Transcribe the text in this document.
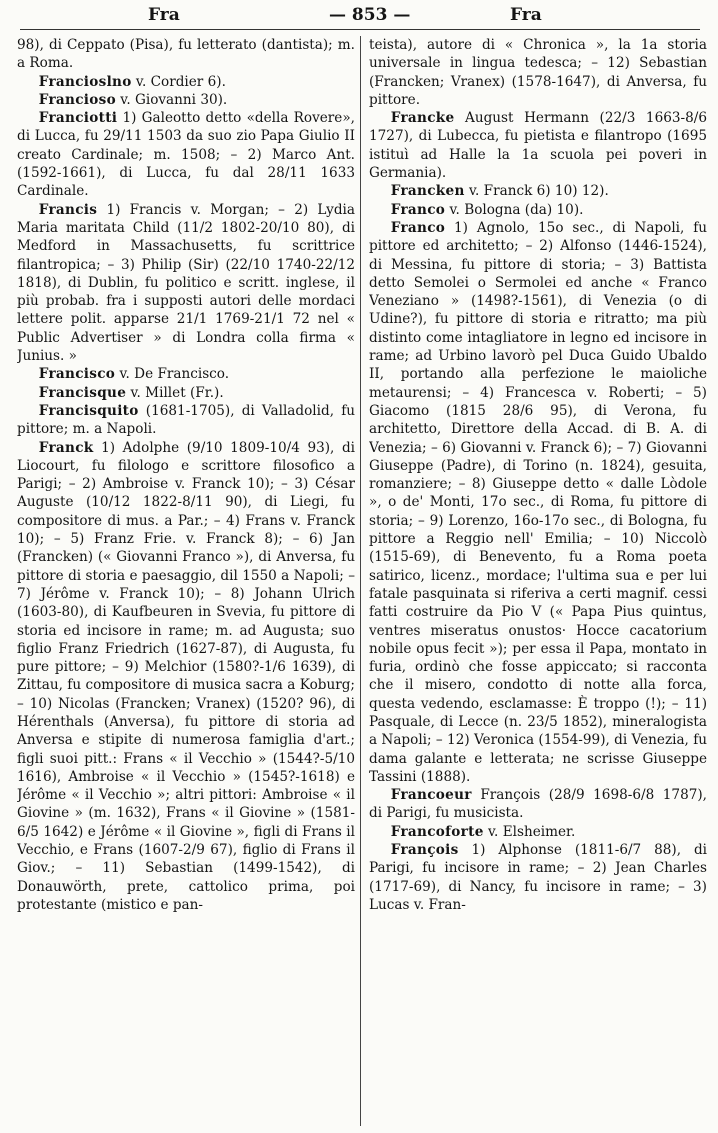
Fra	— 853 —	Fra

98), di Ceppato (Pisa), fu letterato (dantista); m. a Roma.

Francioslno v. Cordier 6).

Francioso v. Giovanni 30).

Franciotti 1) Galeotto detto «della Rovere», di Lucca, fu 29/11 1503 da suo zio Papa Giulio II creato Cardinale; m. 1508; – 2) Marco Ant. (1592-1661), di Lucca, fu dal 28/11 1633 Cardinale.

Francis 1) Francis v. Morgan; – 2) Lydia Maria maritata Child (11/2 1802-20/10 80), di Medford in Massachusetts, fu scrittrice filantropica; – 3) Philip (Sir) (22/10 1740-22/12 1818), di Dublin, fu politico e scritt. inglese, il più probab. fra i supposti autori delle mordaci lettere polit. apparse 21/1 1769-21/1 72 nel « Public Advertiser » di Londra colla firma « Junius. »

Francisco v. De Francisco.

Francisque v. Millet (Fr.).

Francisquito (1681-1705), di Valladolid, fu pittore; m. a Napoli.

Franck 1) Adolphe (9/10 1809-10/4 93), di Liocourt, fu filologo e scrittore filosofico a Parigi; – 2) Ambroise v. Franck 10); – 3) César Auguste (10/12 1822-8/11 90), di Liegi, fu compositore di mus. a Par.; – 4) Frans v. Franck 10); – 5) Franz Frie. v. Franck 8); – 6) Jan (Francken) (« Giovanni Franco »), di Anversa, fu pittore di storia e paesaggio, dil 1550 a Napoli; – 7) Jérôme v. Franck 10); – 8) Johann Ulrich (1603-80), di Kaufbeuren in Svevia, fu pittore di storia ed incisore in rame; m. ad Augusta; suo figlio Franz Friedrich (1627-87), di Augusta, fu pure pittore; – 9) Melchior (1580?-1/6 1639), di Zittau, fu compositore di musica sacra a Koburg; – 10) Nicolas (Francken; Vranex) (1520? 96), di Hérenthals (Anversa), fu pittore di storia ad Anversa e stipite di numerosa famiglia d'art.; figli suoi pitt.: Frans « il Vecchio » (1544?-5/10 1616), Ambroise « il Vecchio » (1545?-1618) e Jérôme « il Vecchio »; altri pittori: Ambroise « il Giovine » (m. 1632), Frans « il Giovine » (1581-6/5 1642) e Jérôme « il Giovine », figli di Frans il Vecchio, e Frans (1607-2/9 67), figlio di Frans il Giov.; – 11) Sebastian (1499-1542), di Donauwörth, prete, cattolico prima, poi protestante (mistico e pan-

teista), autore di « Chronica », la 1a storia universale in lingua tedesca; – 12) Sebastian (Francken; Vranex) (1578-1647), di Anversa, fu pittore.

Francke August Hermann (22/3 1663-8/6 1727), di Lubecca, fu pietista e filantropo (1695 istituì ad Halle la 1a scuola pei poveri in Germania).

Francken v. Franck 6) 10) 12).

Franco v. Bologna (da) 10).

Franco 1) Agnolo, 15o sec., di Napoli, fu pittore ed architetto; – 2) Alfonso (1446-1524), di Messina, fu pittore di storia; – 3) Battista detto Semolei o Sermolei ed anche « Franco Veneziano » (1498?-1561), di Venezia (o di Udine?), fu pittore di storia e ritratto; ma più distinto come intagliatore in legno ed incisore in rame; ad Urbino lavorò pel Duca Guido Ubaldo II, portando alla perfezione le maioliche metaurensi; – 4) Francesca v. Roberti; – 5) Giacomo (1815 28/6 95), di Verona, fu architetto, Direttore della Accad. di B. A. di Venezia; – 6) Giovanni v. Franck 6); – 7) Giovanni Giuseppe (Padre), di Torino (n. 1824), gesuita, romanziere; – 8) Giuseppe detto « dalle Lòdole », o de' Monti, 17o sec., di Roma, fu pittore di storia; – 9) Lorenzo, 16o-17o sec., di Bologna, fu pittore a Reggio nell' Emilia; – 10) Niccolò (1515-69), di Benevento, fu a Roma poeta satirico, licenz., mordace; l'ultima sua e per lui fatale pasquinata si riferiva a certi magnif. cessi fatti costruire da Pio V (« Papa Pius quintus, ventres miseratus onustos· Hocce cacatorium nobile opus fecit »); per essa il Papa, montato in furia, ordinò che fosse appiccato; si racconta che il misero, condotto di notte alla forca, questa vedendo, esclamasse: È troppo (!); – 11) Pasquale, di Lecce (n. 23/5 1852), mineralogista a Napoli; – 12) Veronica (1554-99), di Venezia, fu dama galante e letterata; ne scrisse Giuseppe Tassini (1888).

Francoeur François (28/9 1698-6/8 1787), di Parigi, fu musicista.

Francoforte v. Elsheimer.

François 1) Alphonse (1811-6/7 88), di Parigi, fu incisore in rame; – 2) Jean Charles (1717-69), di Nancy, fu incisore in rame; – 3) Lucas v. Fran-
